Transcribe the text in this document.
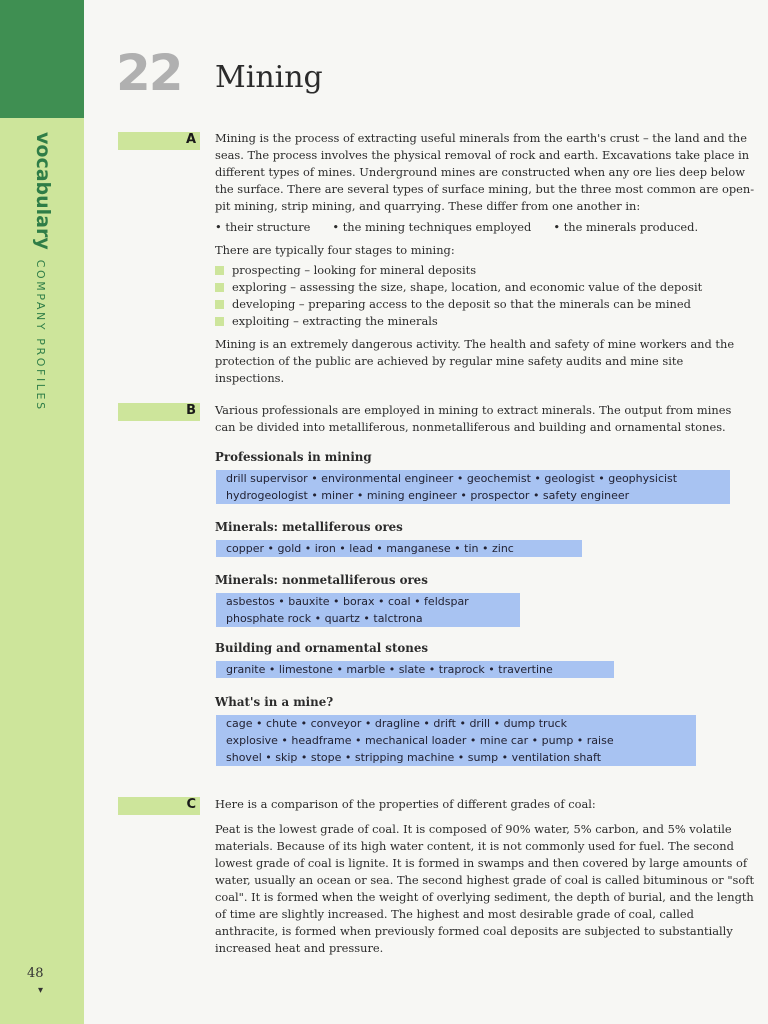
vocabularyCOMPANY PROFILES
48
▾
22 Mining
A Mining is the process of extracting useful minerals from the earth's crust – the land and the seas. The process involves the physical removal of rock and earth. Excavations take place in different types of mines. Underground mines are constructed when any ore lies deep below the surface. There are several types of surface mining, but the three most common are open-pit mining, strip mining, and quarrying. These differ from one another in:

• their structure • the mining techniques employed • the minerals produced.

There are typically four stages to mining:

prospecting – looking for mineral deposits
exploring – assessing the size, shape, location, and economic value of the deposit
developing – preparing access to the deposit so that the minerals can be mined
exploiting – extracting the minerals

Mining is an extremely dangerous activity. The health and safety of mine workers and the protection of the public are achieved by regular mine safety audits and mine site inspections.

B Various professionals are employed in mining to extract minerals. The output from mines can be divided into metalliferous, nonmetalliferous and building and ornamental stones.
Professionals in mining
drill supervisor • environmental engineer • geochemist • geologist • geophysicist
hydrogeologist • miner • mining engineer • prospector • safety engineer
Minerals: metalliferous ores
copper • gold • iron • lead • manganese • tin • zinc
Minerals: nonmetalliferous ores
asbestos • bauxite • borax • coal • feldspar
phosphate rock • quartz • talctrona
Building and ornamental stones
granite • limestone • marble • slate • traprock • travertine
What's in a mine?
cage • chute • conveyor • dragline • drift • drill • dump truck
explosive • headframe • mechanical loader • mine car • pump • raise
shovel • skip • stope • stripping machine • sump • ventilation shaft
C Here is a comparison of the properties of different grades of coal:

Peat is the lowest grade of coal. It is composed of 90% water, 5% carbon, and 5% volatile materials. Because of its high water content, it is not commonly used for fuel. The second lowest grade of coal is lignite. It is formed in swamps and then covered by large amounts of water, usually an ocean or sea. The second highest grade of coal is called bituminous or "soft coal". It is formed when the weight of overlying sediment, the depth of burial, and the length of time are slightly increased. The highest and most desirable grade of coal, called anthracite, is formed when previously formed coal deposits are subjected to substantially increased heat and pressure.
